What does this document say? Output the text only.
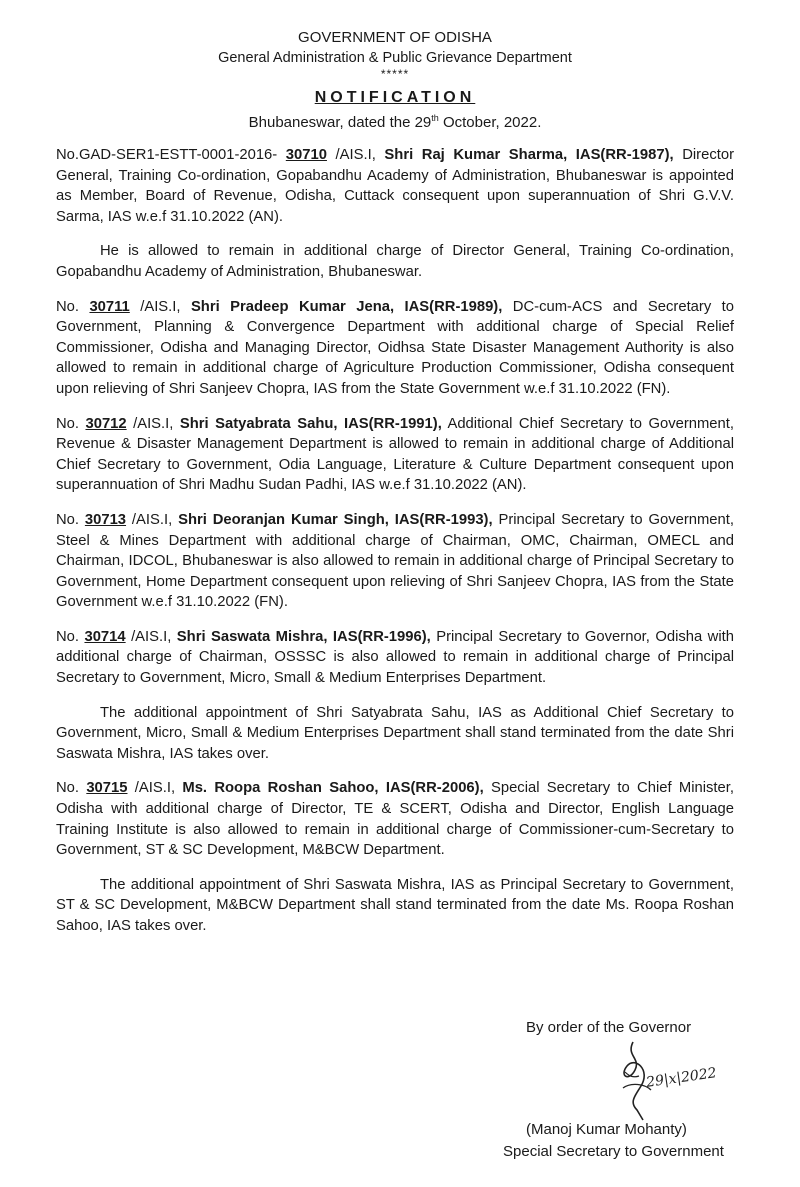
GOVERNMENT OF ODISHA
General Administration & Public Grievance Department
*****
NOTIFICATION
Bhubaneswar, dated the 29th October, 2022.

No.GAD-SER1-ESTT-0001-2016- 30710 /AIS.I, Shri Raj Kumar Sharma, IAS(RR-1987), Director General, Training Co-ordination, Gopabandhu Academy of Administration, Bhubaneswar is appointed as Member, Board of Revenue, Odisha, Cuttack consequent upon superannuation of Shri G.V.V. Sarma, IAS w.e.f 31.10.2022 (AN).

He is allowed to remain in additional charge of Director General, Training Co-ordination, Gopabandhu Academy of Administration, Bhubaneswar.

No. 30711 /AIS.I, Shri Pradeep Kumar Jena, IAS(RR-1989), DC-cum-ACS and Secretary to Government, Planning & Convergence Department with additional charge of Special Relief Commissioner, Odisha and Managing Director, Oidhsa State Disaster Management Authority is also allowed to remain in additional charge of Agriculture Production Commissioner, Odisha consequent upon relieving of Shri Sanjeev Chopra, IAS from the State Government w.e.f 31.10.2022 (FN).

No. 30712 /AIS.I, Shri Satyabrata Sahu, IAS(RR-1991), Additional Chief Secretary to Government, Revenue & Disaster Management Department is allowed to remain in additional charge of Additional Chief Secretary to Government, Odia Language, Literature & Culture Department consequent upon superannuation of Shri Madhu Sudan Padhi, IAS w.e.f 31.10.2022 (AN).

No. 30713 /AIS.I, Shri Deoranjan Kumar Singh, IAS(RR-1993), Principal Secretary to Government, Steel & Mines Department with additional charge of Chairman, OMC, Chairman, OMECL and Chairman, IDCOL, Bhubaneswar is also allowed to remain in additional charge of Principal Secretary to Government, Home Department consequent upon relieving of Shri Sanjeev Chopra, IAS from the State Government w.e.f 31.10.2022 (FN).

No. 30714 /AIS.I, Shri Saswata Mishra, IAS(RR-1996), Principal Secretary to Governor, Odisha with additional charge of Chairman, OSSSC is also allowed to remain in additional charge of Principal Secretary to Government, Micro, Small & Medium Enterprises Department.

The additional appointment of Shri Satyabrata Sahu, IAS as Additional Chief Secretary to Government, Micro, Small & Medium Enterprises Department shall stand terminated from the date Shri Saswata Mishra, IAS takes over.

No. 30715 /AIS.I, Ms. Roopa Roshan Sahoo, IAS(RR-2006), Special Secretary to Chief Minister, Odisha with additional charge of Director, TE & SCERT, Odisha and Director, English Language Training Institute is also allowed to remain in additional charge of Commissioner-cum-Secretary to Government, ST & SC Development, M&BCW Department.

The additional appointment of Shri Saswata Mishra, IAS as Principal Secretary to Government, ST & SC Development, M&BCW Department shall stand terminated from the date Ms. Roopa Roshan Sahoo, IAS takes over.

By order of the Governor
29|x|2022
(Manoj Kumar Mohanty)
Special Secretary to Government
